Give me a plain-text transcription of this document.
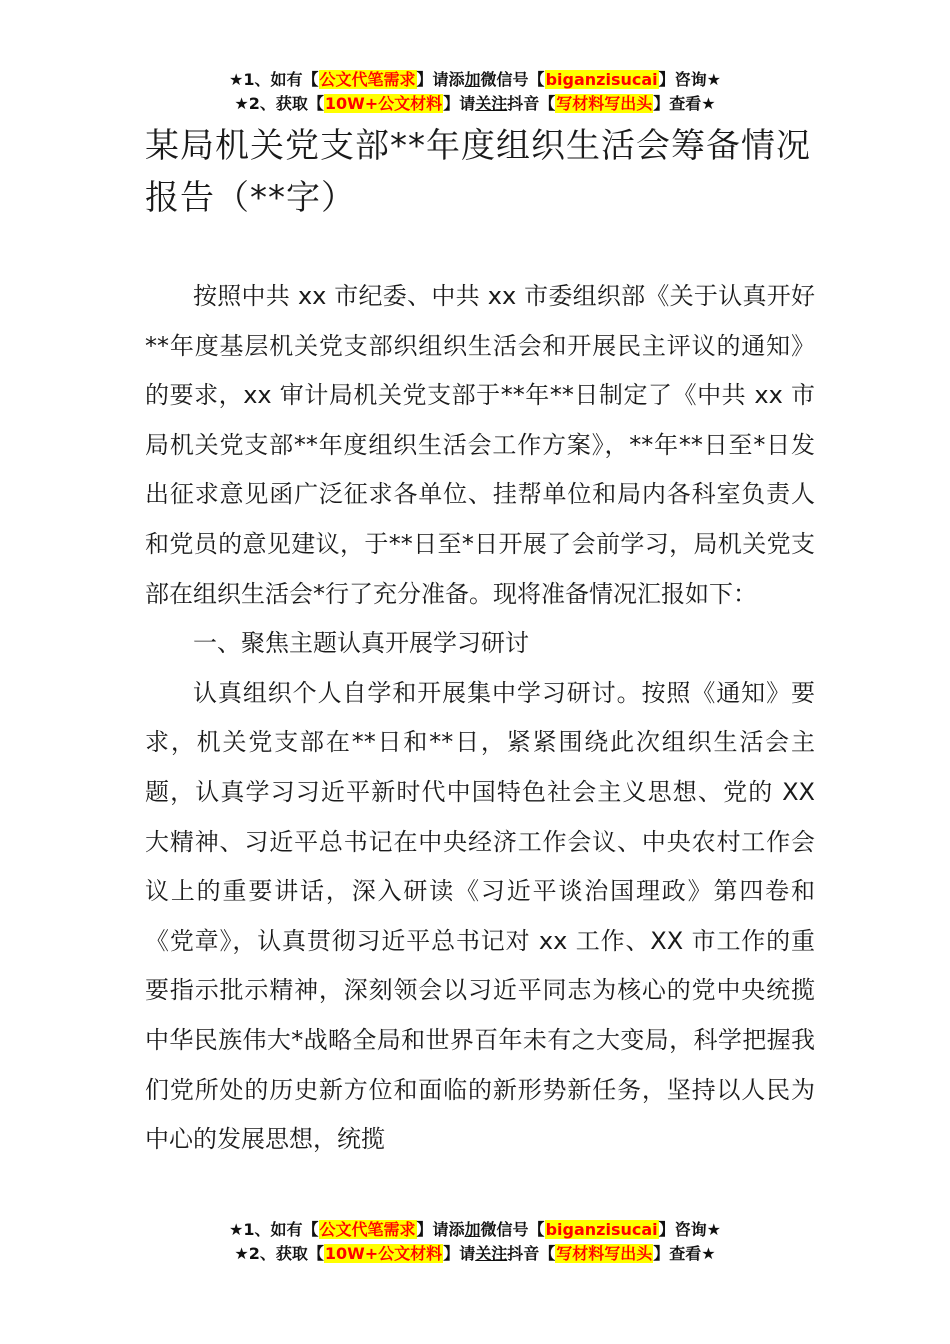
★1、如有【公文代笔需求】请添加微信号【biganzisucai】咨询★
★2、获取【10W+公文材料】请关注抖音【写材料写出头】查看★
某局机关党支部**年度组织生活会筹备情况报告（**字）

按照中共 xx 市纪委、中共 xx 市委组织部《关于认真开好**年度基层机关党支部织组织生活会和开展民主评议的通知》的要求，xx 审计局机关党支部于**年**日制定了《中共 xx 市局机关党支部**年度组织生活会工作方案》，**年**日至*日发出征求意见函广泛征求各单位、挂帮单位和局内各科室负责人和党员的意见建议，于**日至*日开展了会前学习，局机关党支部在组织生活会*行了充分准备。现将准备情况汇报如下：

一、聚焦主题认真开展学习研讨

认真组织个人自学和开展集中学习研讨。按照《通知》要求，机关党支部在**日和**日，紧紧围绕此次组织生活会主题，认真学习习近平新时代中国特色社会主义思想、党的 XX 大精神、习近平总书记在中央经济工作会议、中央农村工作会议上的重要讲话，深入研读《习近平谈治国理政》第四卷和《党章》，认真贯彻习近平总书记对 xx 工作、XX 市工作的重要指示批示精神，深刻领会以习近平同志为核心的党中央统揽中华民族伟大*战略全局和世界百年未有之大变局，科学把握我们党所处的历史新方位和面临的新形势新任务，坚持以人民为中心的发展思想，统揽

★1、如有【公文代笔需求】请添加微信号【biganzisucai】咨询★
★2、获取【10W+公文材料】请关注抖音【写材料写出头】查看★
